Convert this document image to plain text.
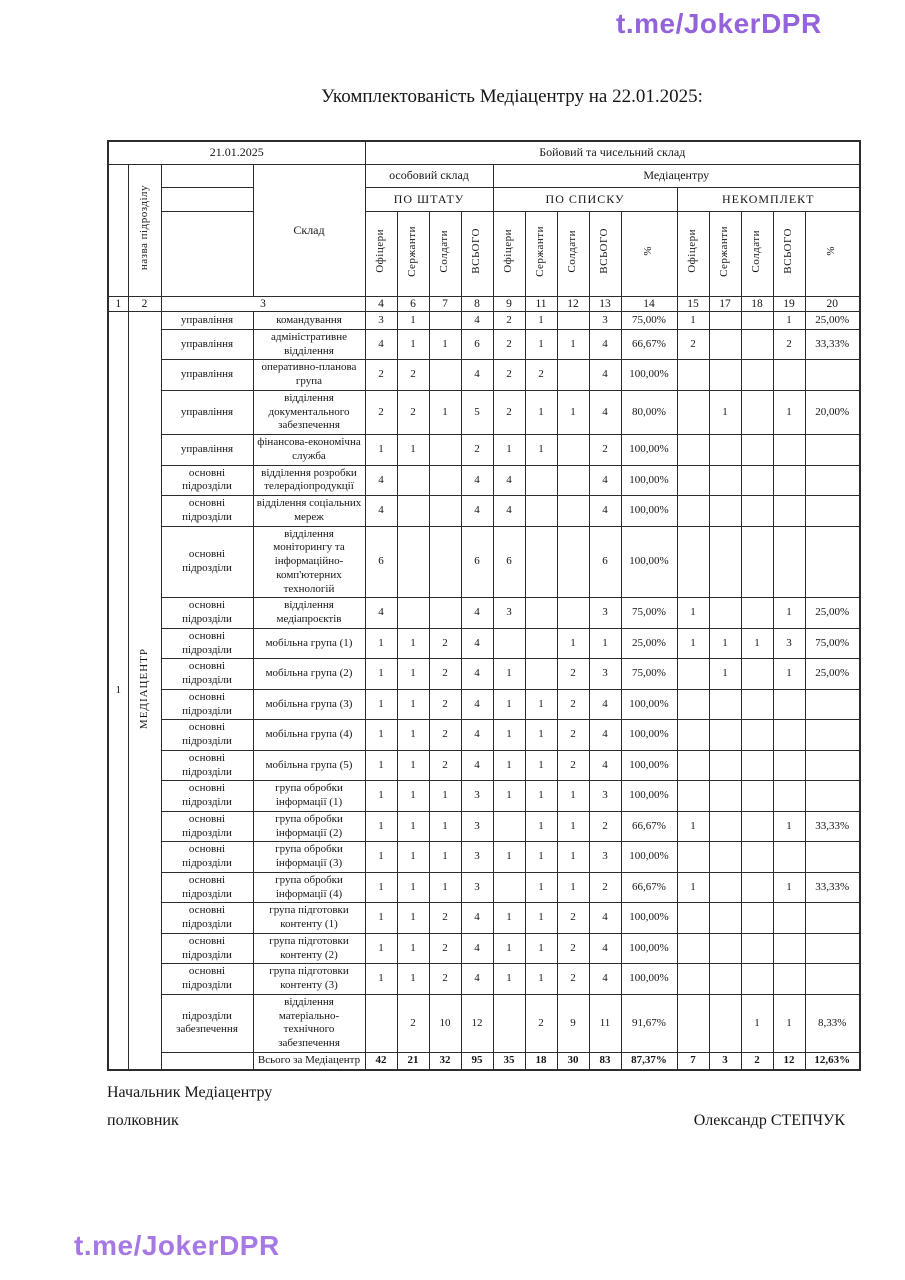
t.me/JokerDPR
Укомплектованість Медіацентру на 22.01.2025:
21.01.2025				Бойовий та чисельний склад													
	назва підрозділу		Склад	особовий склад				Медіацентру									
				ПО ШТАТУ				ПО СПИСКУ					НЕКОМПЛЕКТ				
				Офіцери	Сержанти	Солдати	ВСЬОГО	Офіцери	Сержанти	Солдати	ВСЬОГО	%	Офіцери	Сержанти	Солдати	ВСЬОГО	%
1	2	3		4	6	7	8	9	11	12	13	14	15	17	18	19	20
1	МЕДІАЦЕНТР	управління	командування	3	1		4	2	1		3	75,00%	1			1	25,00%
		управління	адміністративне відділення	4	1	1	6	2	1	1	4	66,67%	2			2	33,33%
		управління	оперативно-планова група	2	2		4	2	2		4	100,00%					
		управління	відділення документального забезпечення	2	2	1	5	2	1	1	4	80,00%		1		1	20,00%
		управління	фінансова-економічна служба	1	1		2	1	1		2	100,00%					
		основні підрозділи	відділення розробки телерадіопродукції	4			4	4			4	100,00%					
		основні підрозділи	відділення соціальних мереж	4			4	4			4	100,00%					
		основні підрозділи	відділення моніторингу та інформаційно-комп'ютерних технологій	6			6	6			6	100,00%					
		основні підрозділи	відділення медіапроєктів	4			4	3			3	75,00%	1			1	25,00%
		основні підрозділи	мобільна група (1)	1	1	2	4			1	1	25,00%	1	1	1	3	75,00%
		основні підрозділи	мобільна група (2)	1	1	2	4	1		2	3	75,00%		1		1	25,00%
		основні підрозділи	мобільна група (3)	1	1	2	4	1	1	2	4	100,00%					
		основні підрозділи	мобільна група (4)	1	1	2	4	1	1	2	4	100,00%					
		основні підрозділи	мобільна група (5)	1	1	2	4	1	1	2	4	100,00%					
		основні підрозділи	група обробки інформації (1)	1	1	1	3	1	1	1	3	100,00%					
		основні підрозділи	група обробки інформації (2)	1	1	1	3		1	1	2	66,67%	1			1	33,33%
		основні підрозділи	група обробки інформації (3)	1	1	1	3	1	1	1	3	100,00%					
		основні підрозділи	група обробки інформації (4)	1	1	1	3		1	1	2	66,67%	1			1	33,33%
		основні підрозділи	група підготовки контенту (1)	1	1	2	4	1	1	2	4	100,00%					
		основні підрозділи	група підготовки контенту (2)	1	1	2	4	1	1	2	4	100,00%					
		основні підрозділи	група підготовки контенту (3)	1	1	2	4	1	1	2	4	100,00%					
		підрозділи забезпечення	відділення матеріально-технічного забезпечення		2	10	12		2	9	11	91,67%			1	1	8,33%
			Всього за Медіацентр	42	21	32	95	35	18	30	83	87,37%	7	3	2	12	12,63%
Начальник Медіацентру
полковник	Олександр СТЕПЧУК
t.me/JokerDPR
